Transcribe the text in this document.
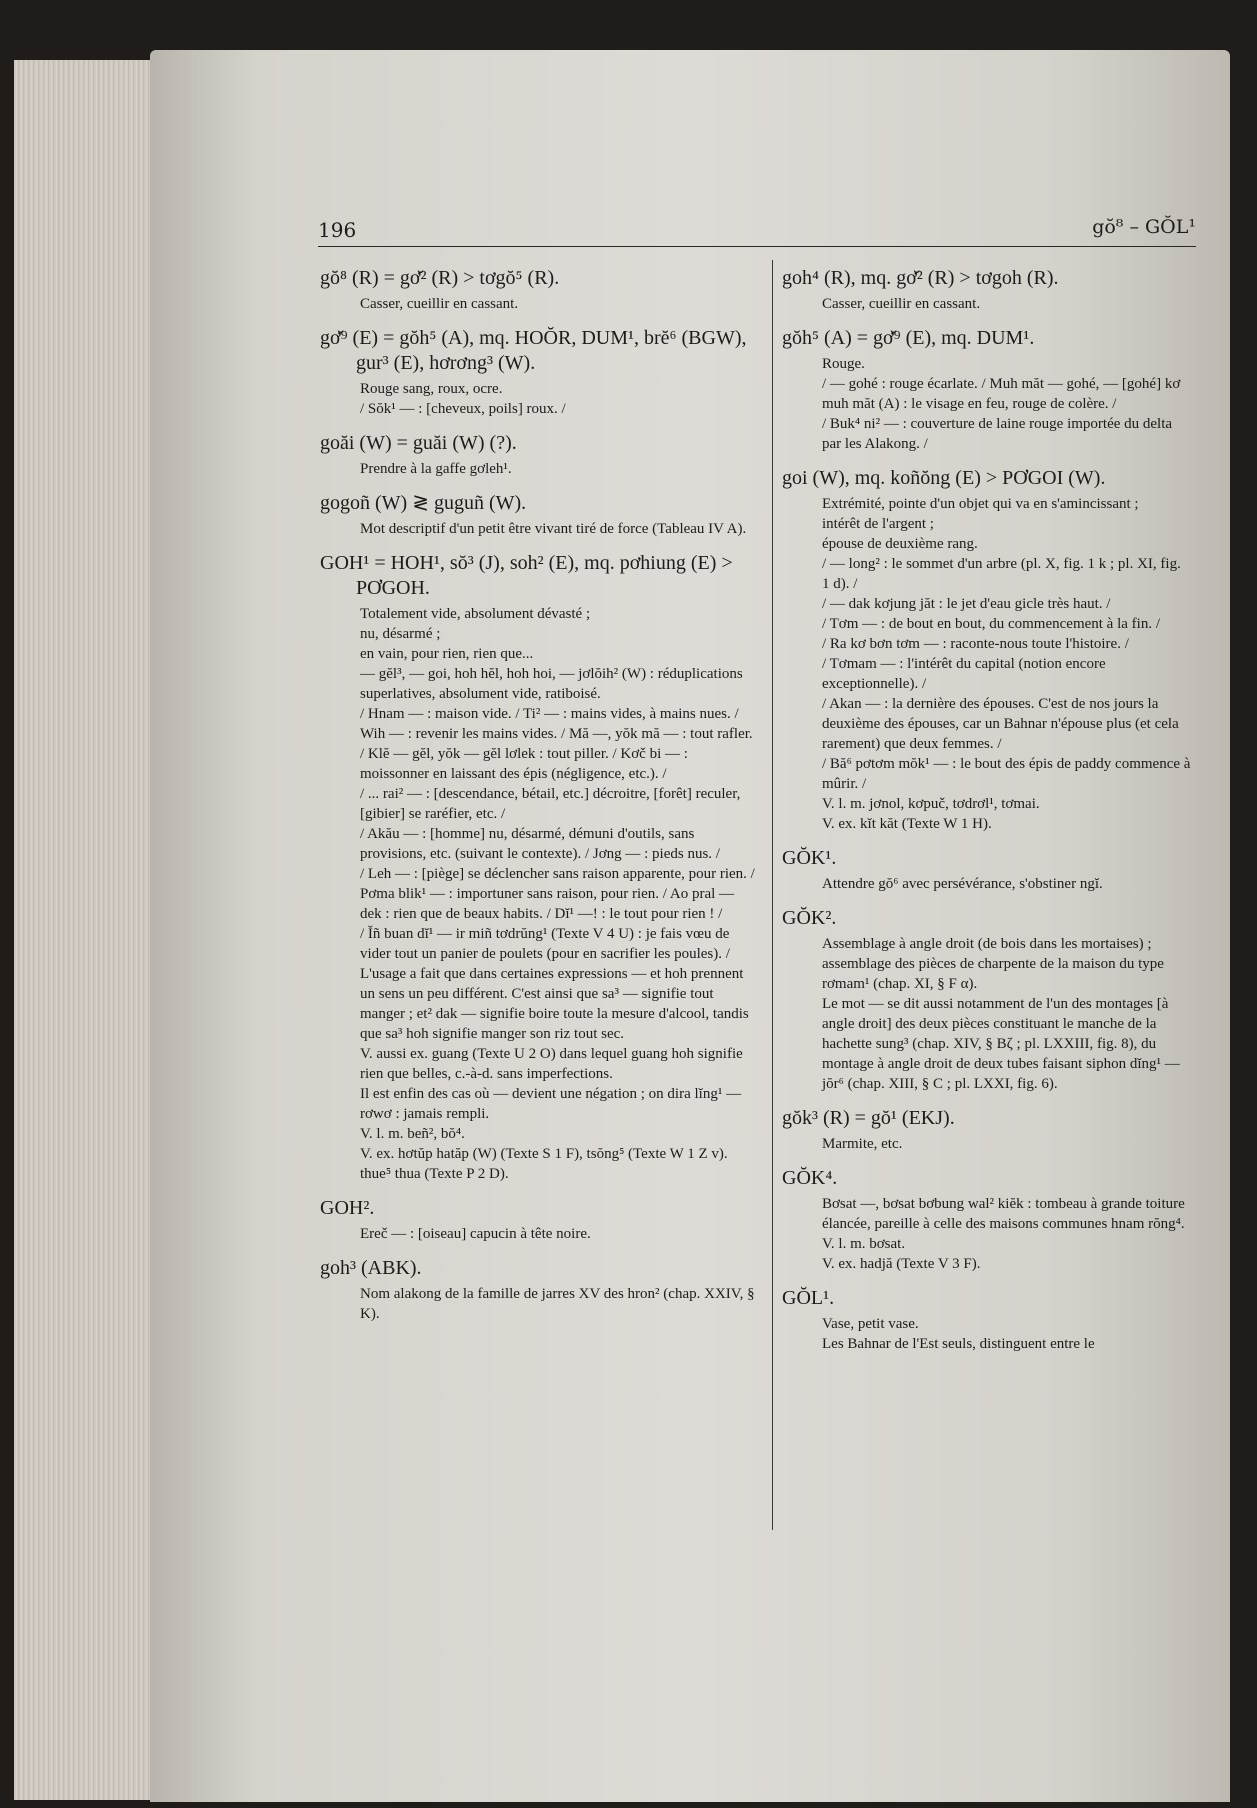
196	gŏ⁸ – GŎL¹
gŏ⁸ (R) = gơ̆² (R) > tơgŏ⁵ (R).
Casser, cueillir en cassant.
gơ̆⁹ (E) = gŏh⁵ (A), mq. HOŎR, DUM¹, brĕ⁶ (BGW), gur³ (E), hơrơng³ (W).
Rouge sang, roux, ocre.
/ Sŏk¹ — : [cheveux, poils] roux. /
goăi (W) = guăi (W) (?).
Prendre à la gaffe gơleh¹.
gogoñ (W) ≷ guguñ (W).
Mot descriptif d'un petit être vivant tiré de force (Tableau IV A).
GOH¹ = HOH¹, sŏ³ (J), soh² (E), mq. pơhiung (E) > PƠGOH.
Totalement vide, absolument dévasté ;
nu, désarmé ;
en vain, pour rien, rien que...
— gĕl³, — goi, hoh hĕl, hoh hoi, — jơlŏih² (W) : réduplications superlatives, absolument vide, ratiboisé.
/ Hnam — : maison vide. / Ti² — : mains vides, à mains nues. / Wih — : revenir les mains vides. / Mă —, yŏk mă — : tout rafler. / Klĕ — gĕl, yŏk — gĕl lơlek : tout piller. / Kơč bi — : moissonner en laissant des épis (négligence, etc.). /
/ ... rai² — : [descendance, bétail, etc.] décroitre, [forêt] reculer, [gibier] se raréfier, etc. /
/ Akău — : [homme] nu, désarmé, démuni d'outils, sans provisions, etc. (suivant le contexte). / Jơng — : pieds nus. /
/ Leh — : [piège] se déclencher sans raison apparente, pour rien. / Pơma blik¹ — : importuner sans raison, pour rien. / Ao pral — dek : rien que de beaux habits. / Dĭ¹ —! : le tout pour rien ! /
/ Ĭñ buan dĭ¹ — ir miñ tơdrŭng¹ (Texte V 4 U) : je fais vœu de vider tout un panier de poulets (pour en sacrifier les poules). /
L'usage a fait que dans certaines expressions — et hoh prennent un sens un peu différent. C'est ainsi que sa³ — signifie tout manger ; et² dak — signifie boire toute la mesure d'alcool, tandis que sa³ hoh signifie manger son riz tout sec.
V. aussi ex. guang (Texte U 2 O) dans lequel guang hoh signifie rien que belles, c.-à-d. sans imperfections.
Il est enfin des cas où — devient une négation ; on dira lĭng¹ — rơwơ : jamais rempli.
V. l. m. beñ², bŏ⁴.
V. ex. hơtŭp hatăp (W) (Texte S 1 F), tsŏng⁵ (Texte W 1 Z v). thue⁵ thua (Texte P 2 D).
GOH².
Ereč — : [oiseau] capucin à tête noire.
goh³ (ABK).
Nom alakong de la famille de jarres XV des hron² (chap. XXIV, § K).
goh⁴ (R), mq. gơ̆² (R) > tơgoh (R).
Casser, cueillir en cassant.
gŏh⁵ (A) = gơ̆⁹ (E), mq. DUM¹.
Rouge.
/ — gohé : rouge écarlate. / Muh măt — gohé, — [gohé] kơ muh măt (A) : le visage en feu, rouge de colère. /
/ Buk⁴ ni² — : couverture de laine rouge importée du delta par les Alakong. /
goi (W), mq. koñŏng (E) > PƠGOI (W).
Extrémité, pointe d'un objet qui va en s'amincissant ;
intérêt de l'argent ;
épouse de deuxième rang.
/ — long² : le sommet d'un arbre (pl. X, fig. 1 k ; pl. XI, fig. 1 d). /
/ — dak kơjung jăt : le jet d'eau gicle très haut. /
/ Tơm — : de bout en bout, du commencement à la fin. /
/ Ra kơ bơn tơm — : raconte-nous toute l'histoire. /
/ Tơmam — : l'intérêt du capital (notion encore exceptionnelle). /
/ Akan — : la dernière des épouses. C'est de nos jours la deuxième des épouses, car un Bahnar n'épouse plus (et cela rarement) que deux femmes. /
/ Bă⁶ pơtơm mŏk¹ — : le bout des épis de paddy commence à mûrir. /
V. l. m. jơnol, kơpuč, tơdrơl¹, tơmai.
V. ex. kĭt kăt (Texte W 1 H).
GŎK¹.
Attendre gŏ⁶ avec persévérance, s'obstiner ngĭ.
GŎK².
Assemblage à angle droit (de bois dans les mortaises) ;
assemblage des pièces de charpente de la maison du type rơmam¹ (chap. XI, § F α).
Le mot — se dit aussi notamment de l'un des montages [à angle droit] des deux pièces constituant le manche de la hachette sung³ (chap. XIV, § Bζ ; pl. LXXIII, fig. 8), du montage à angle droit de deux tubes faisant siphon dĭng¹ — jŏr⁶ (chap. XIII, § C ; pl. LXXI, fig. 6).
gŏk³ (R) = gŏ¹ (EKJ).
Marmite, etc.
GŎK⁴.
Bơsat —, bơsat bơbung wal² kiĕk : tombeau à grande toiture élancée, pareille à celle des maisons communes hnam rŏng⁴.
V. l. m. bơsat.
V. ex. hadjă (Texte V 3 F).
GŎL¹.
Vase, petit vase.
Les Bahnar de l'Est seuls, distinguent entre le
